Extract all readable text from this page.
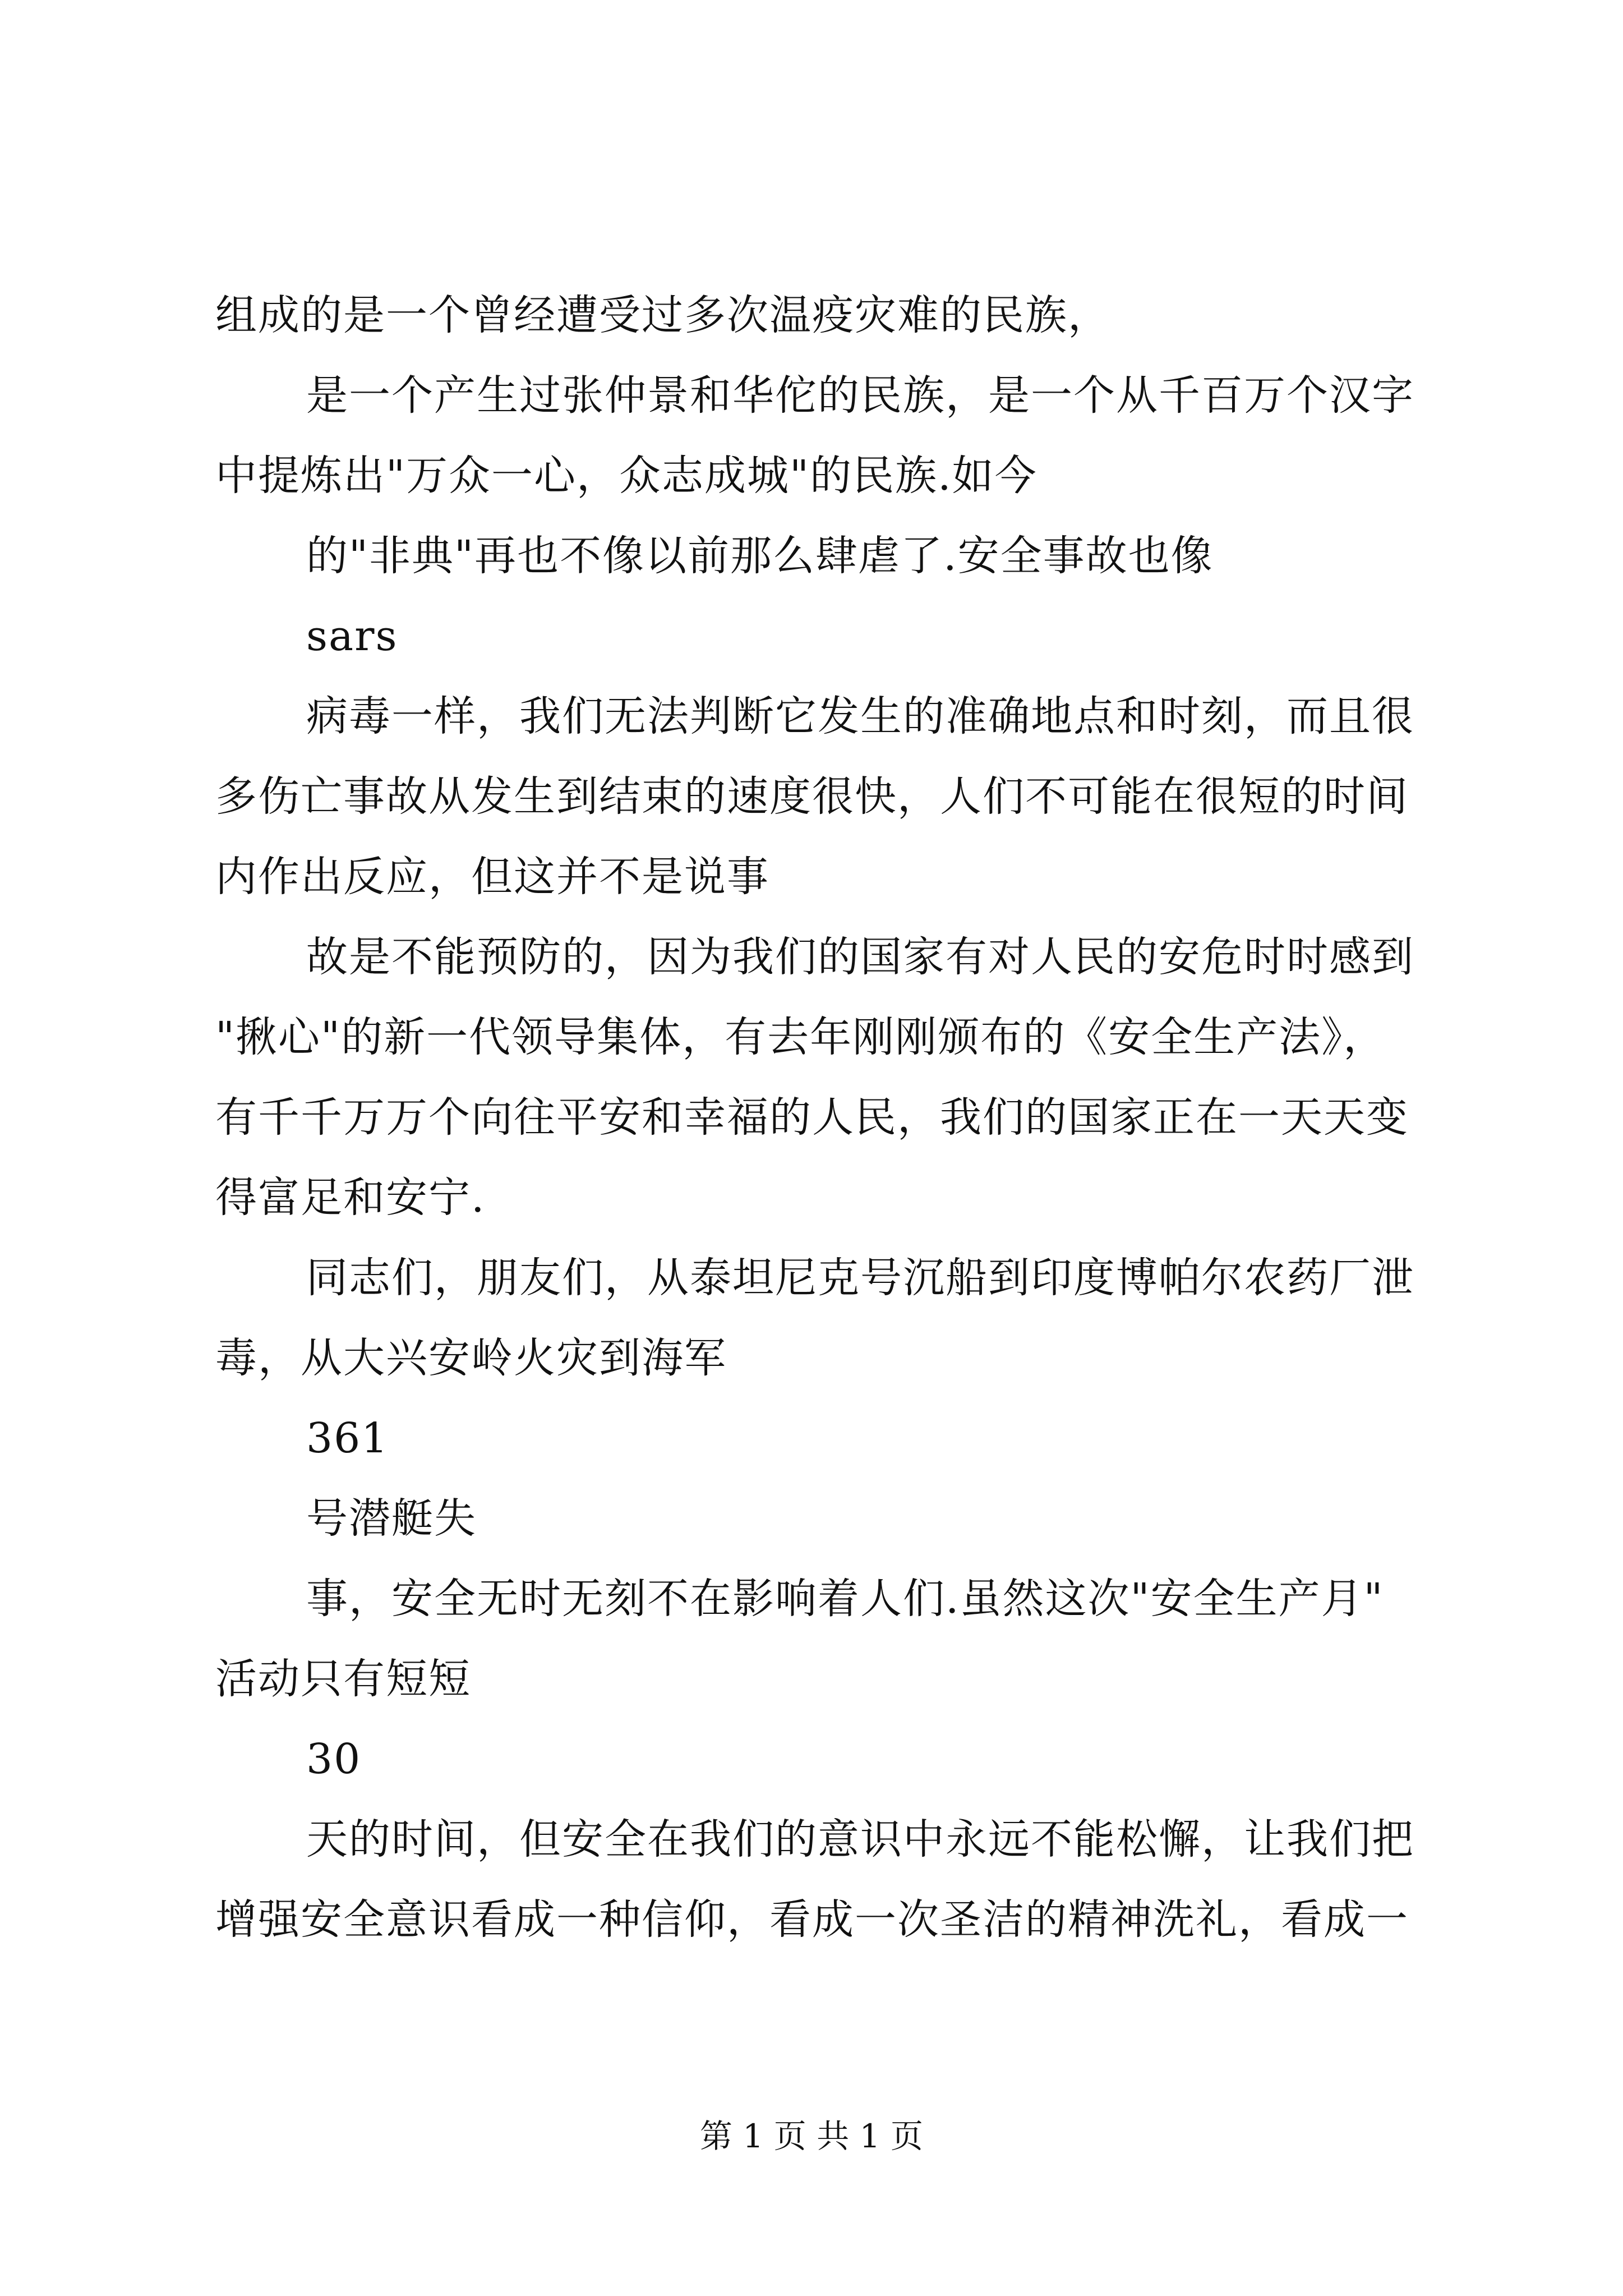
组成的是一个曾经遭受过多次温疫灾难的民族，
是一个产生过张仲景和华佗的民族，是一个从千百万个汉字
中提炼出"万众一心，众志成城"的民族.如今
的"非典"再也不像以前那么肆虐了.安全事故也像
sars
病毒一样，我们无法判断它发生的准确地点和时刻，而且很
多伤亡事故从发生到结束的速度很快，人们不可能在很短的时间
内作出反应，但这并不是说事
故是不能预防的，因为我们的国家有对人民的安危时时感到
"揪心"的新一代领导集体，有去年刚刚颁布的《安全生产法》，
有千千万万个向往平安和幸福的人民，我们的国家正在一天天变
得富足和安宁.
同志们，朋友们，从泰坦尼克号沉船到印度博帕尔农药厂泄
毒，从大兴安岭火灾到海军
361
号潜艇失
事，安全无时无刻不在影响着人们.虽然这次"安全生产月"
活动只有短短
30
天的时间，但安全在我们的意识中永远不能松懈，让我们把
增强安全意识看成一种信仰，看成一次圣洁的精神洗礼，看成一
第 1 页 共 1 页
